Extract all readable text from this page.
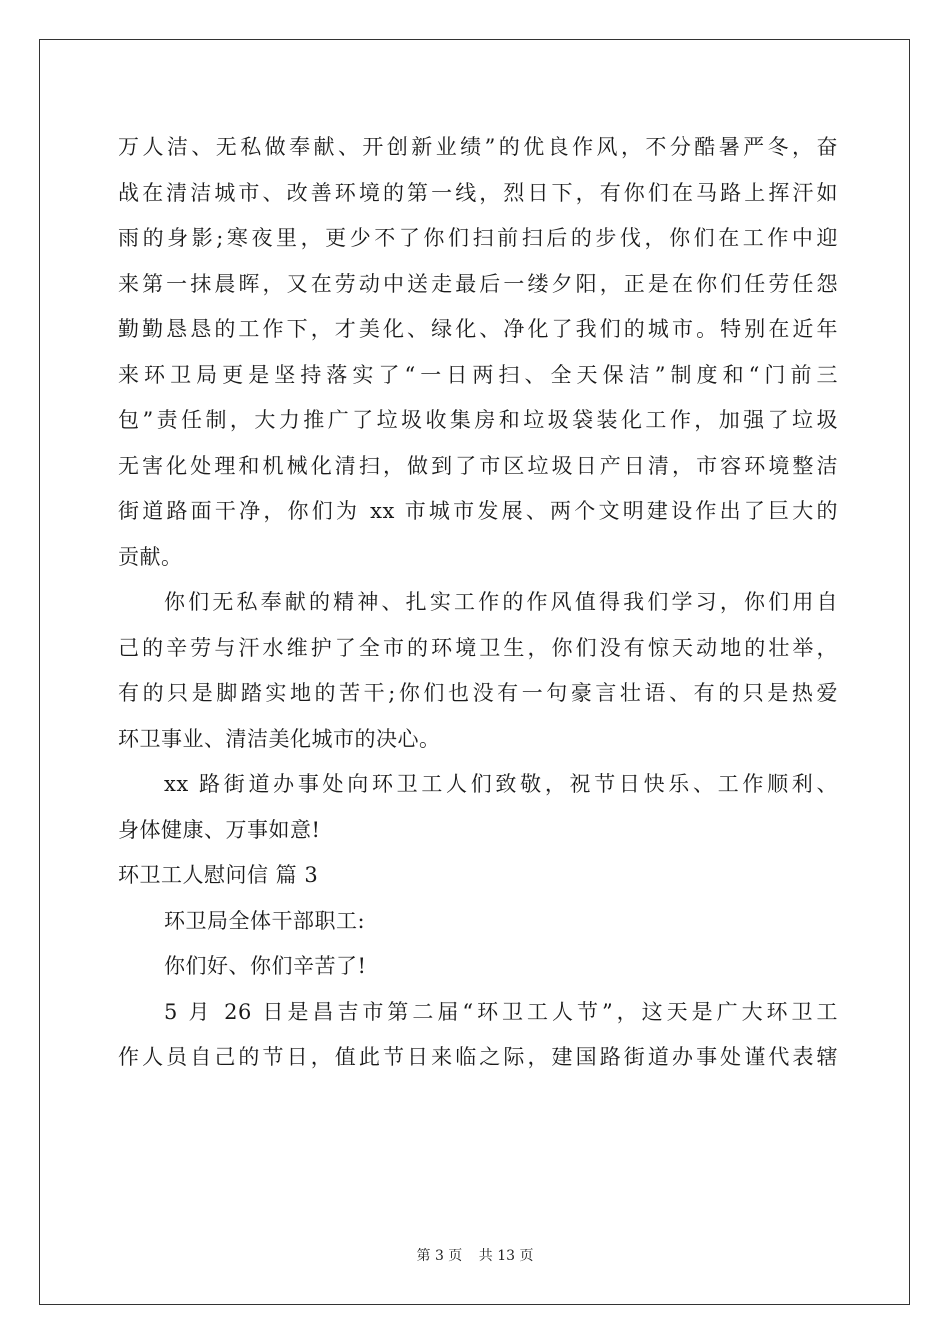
万人洁、无私做奉献、开创新业绩”的优良作风，不分酷暑严冬，奋
战在清洁城市、改善环境的第一线，烈日下，有你们在马路上挥汗如
雨的身影;寒夜里，更少不了你们扫前扫后的步伐，你们在工作中迎
来第一抹晨晖，又在劳动中送走最后一缕夕阳，正是在你们任劳任怨
勤勤恳恳的工作下，才美化、绿化、净化了我们的城市。特别在近年
来环卫局更是坚持落实了“一日两扫、全天保洁”制度和“门前三
包”责任制，大力推广了垃圾收集房和垃圾袋装化工作，加强了垃圾
无害化处理和机械化清扫，做到了市区垃圾日产日清，市容环境整洁
街道路面干净，你们为 xx 市城市发展、两个文明建设作出了巨大的
贡献。
你们无私奉献的精神、扎实工作的作风值得我们学习，你们用自
己的辛劳与汗水维护了全市的环境卫生，你们没有惊天动地的壮举，
有的只是脚踏实地的苦干;你们也没有一句豪言壮语、有的只是热爱
环卫事业、清洁美化城市的决心。
xx 路街道办事处向环卫工人们致敬，祝节日快乐、工作顺利、
身体健康、万事如意!
环卫工人慰问信 篇 3
环卫局全体干部职工:
你们好、你们辛苦了!
5 月 26 日是昌吉市第二届“环卫工人节”，这天是广大环卫工
作人员自己的节日，值此节日来临之际，建国路街道办事处谨代表辖
第 3 页 共 13 页
